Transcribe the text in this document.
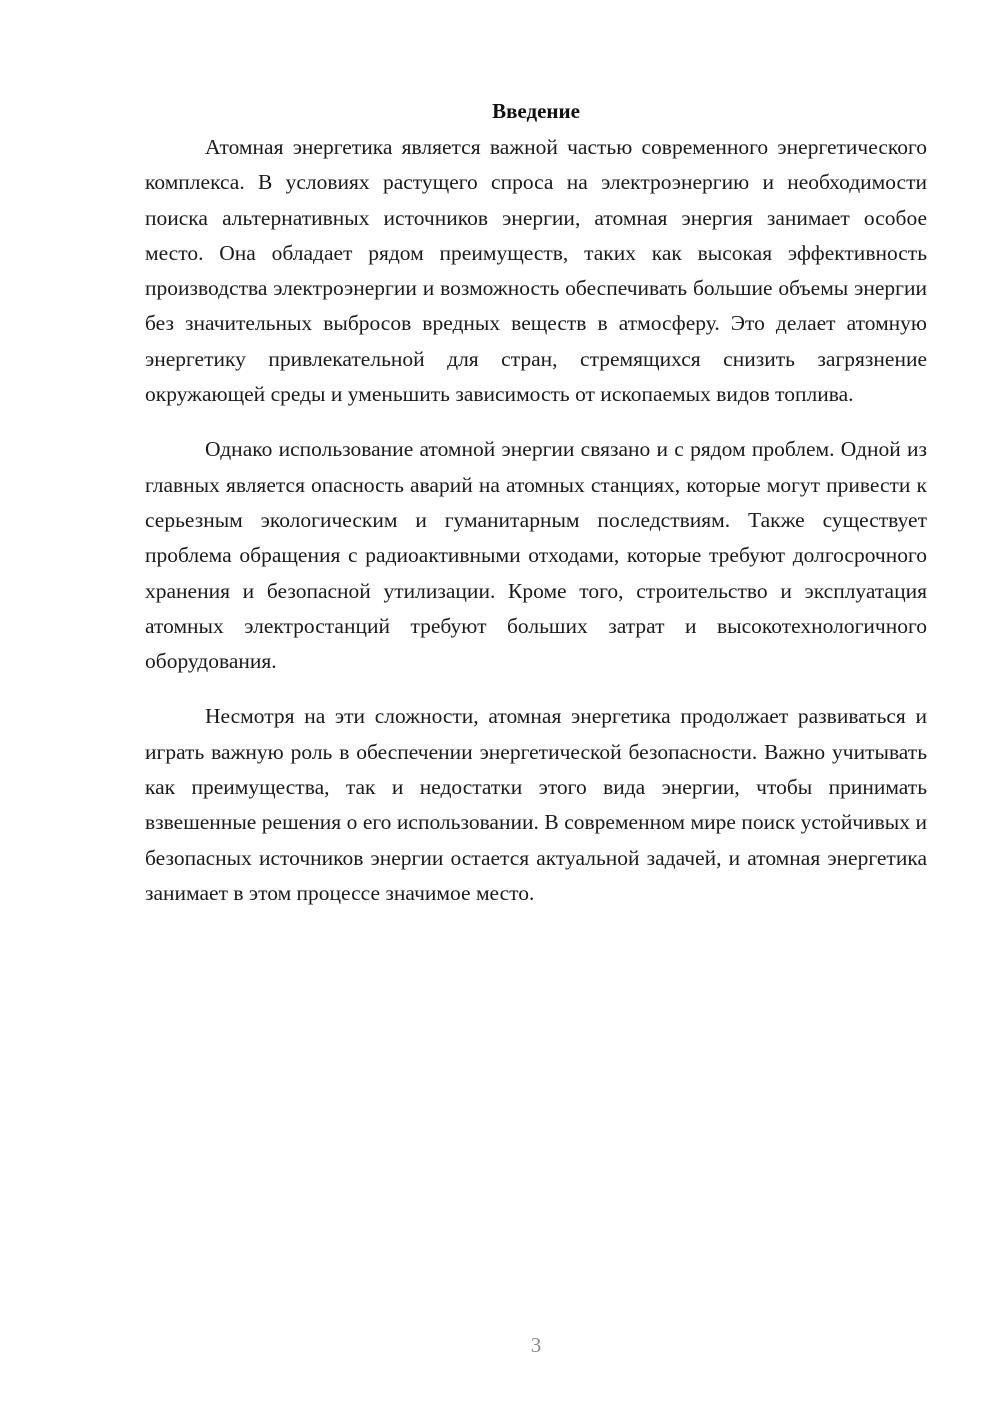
Введение

Атомная энергетика является важной частью современного энергетического комплекса. В условиях растущего спроса на электроэнергию и необходимости поиска альтернативных источников энергии, атомная энергия занимает особое место. Она обладает рядом преимуществ, таких как высокая эффективность производства электроэнергии и возможность обеспечивать большие объемы энергии без значительных выбросов вредных веществ в атмосферу. Это делает атомную энергетику привлекательной для стран, стремящихся снизить загрязнение окружающей среды и уменьшить зависимость от ископаемых видов топлива.

Однако использование атомной энергии связано и с рядом проблем. Одной из главных является опасность аварий на атомных станциях, которые могут привести к серьезным экологическим и гуманитарным последствиям. Также существует проблема обращения с радиоактивными отходами, которые требуют долгосрочного хранения и безопасной утилизации. Кроме того, строительство и эксплуатация атомных электростанций требуют больших затрат и высокотехнологичного оборудования.

Несмотря на эти сложности, атомная энергетика продолжает развиваться и играть важную роль в обеспечении энергетической безопасности. Важно учитывать как преимущества, так и недостатки этого вида энергии, чтобы принимать взвешенные решения о его использовании. В современном мире поиск устойчивых и безопасных источников энергии остается актуальной задачей, и атомная энергетика занимает в этом процессе значимое место.

3
